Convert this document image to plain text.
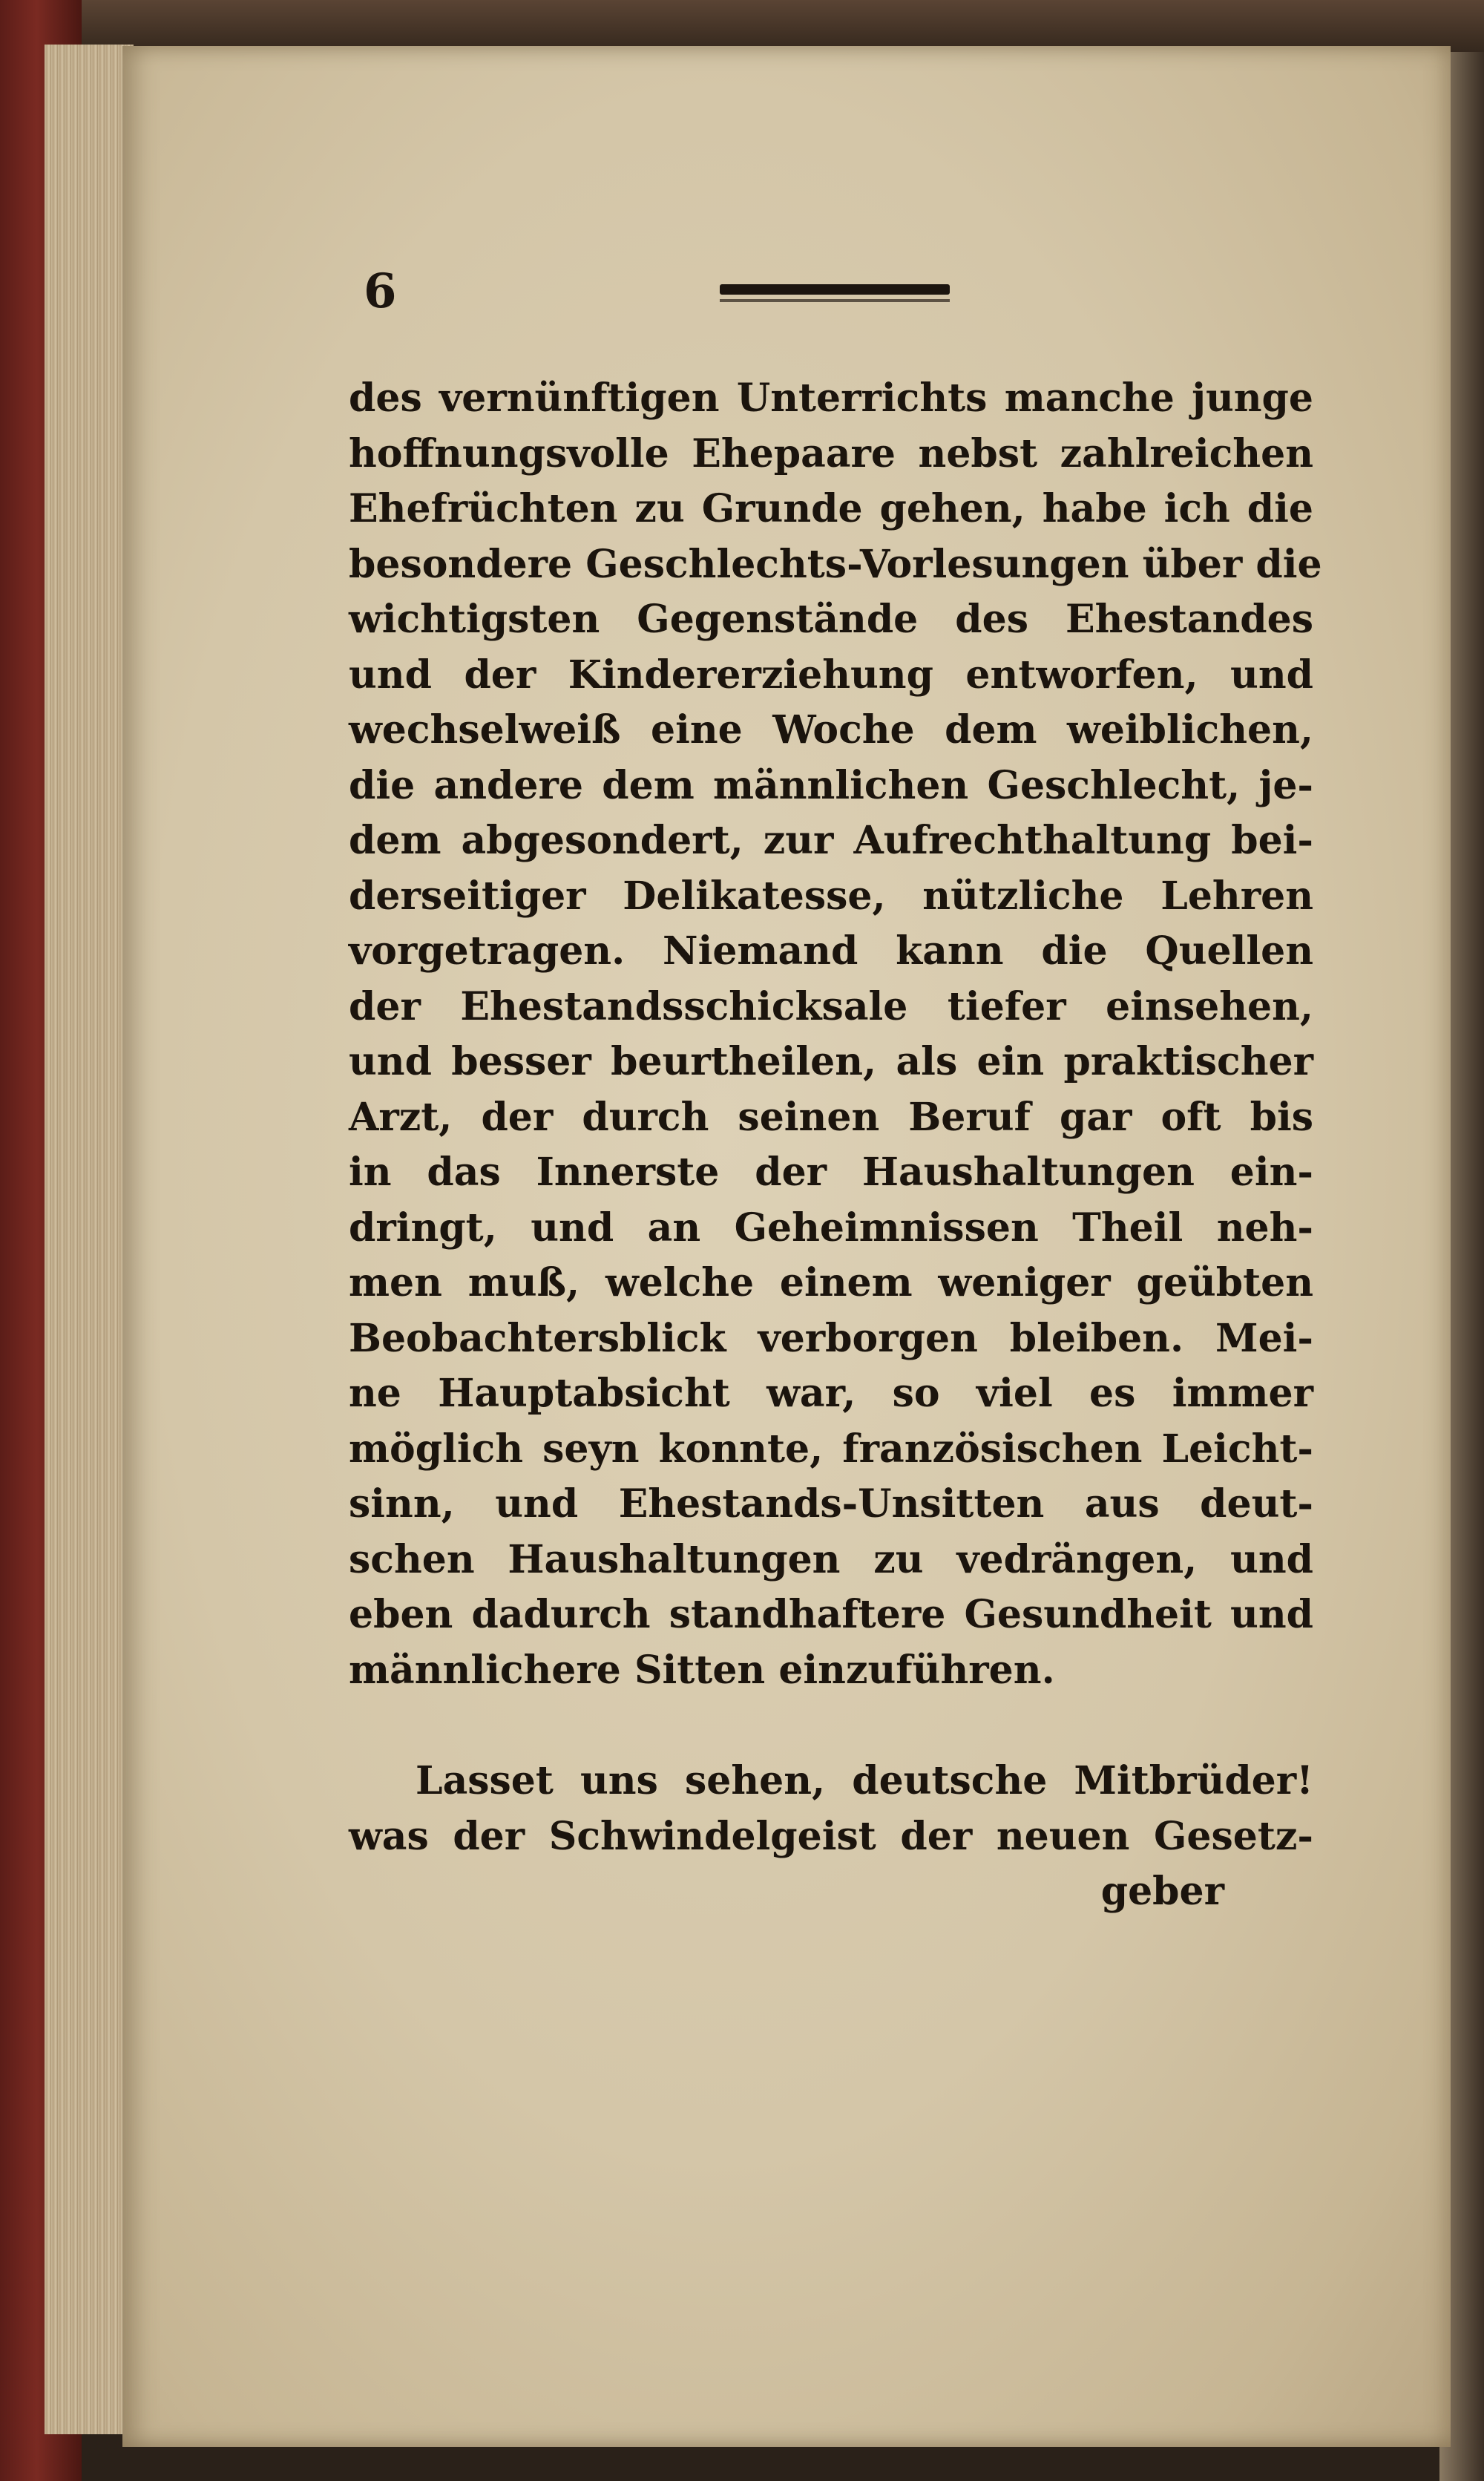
6
des vernünftigen Unterrichts manche junge
hoffnungsvolle Ehepaare nebst zahlreichen
Ehefrüchten zu Grunde gehen, habe ich die
besondere Geschlechts-Vorlesungen über die
wichtigsten Gegenstände des Ehestandes
und der Kindererziehung entworfen, und
wechselweiß eine Woche dem weiblichen,
die andere dem männlichen Geschlecht, je-
dem abgesondert, zur Aufrechthaltung bei-
derseitiger Delikatesse, nützliche Lehren
vorgetragen. Niemand kann die Quellen
der Ehestandsschicksale tiefer einsehen,
und besser beurtheilen, als ein praktischer
Arzt, der durch seinen Beruf gar oft bis
in das Innerste der Haushaltungen ein-
dringt, und an Geheimnissen Theil neh-
men muß, welche einem weniger geübten
Beobachtersblick verborgen bleiben. Mei-
ne Hauptabsicht war, so viel es immer
möglich seyn konnte, französischen Leicht-
sinn, und Ehestands-Unsitten aus deut-
schen Haushaltungen zu vedrängen, und
eben dadurch standhaftere Gesundheit und
männlichere Sitten einzuführen.
Lasset uns sehen, deutsche Mitbrüder!
was der Schwindelgeist der neuen Gesetz-
geber
